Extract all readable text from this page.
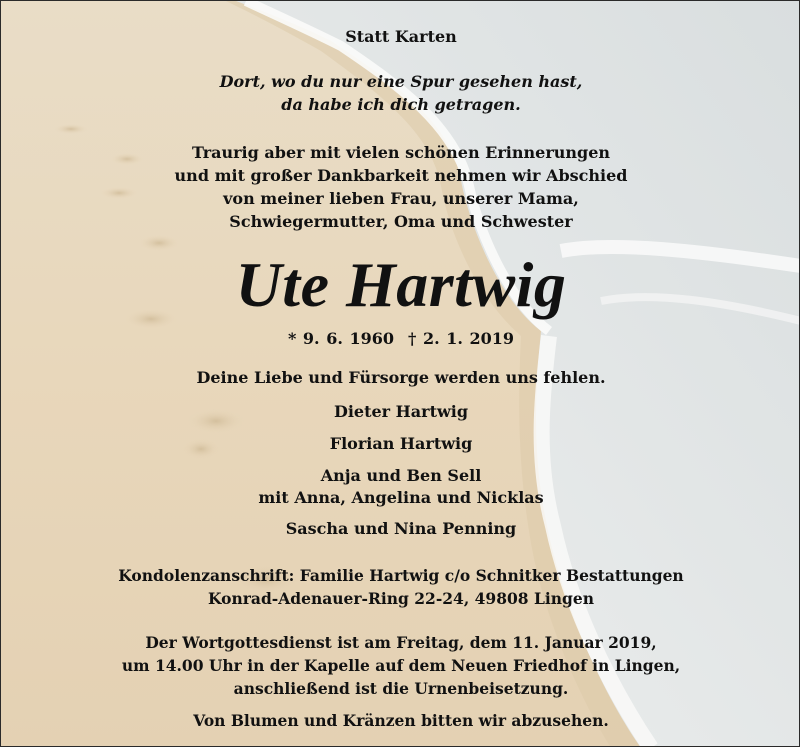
Statt Karten
Dort, wo du nur eine Spur gesehen hast,
da habe ich dich getragen.
Traurig aber mit vielen schönen Erinnerungen
und mit großer Dankbarkeit nehmen wir Abschied
von meiner lieben Frau, unserer Mama,
Schwiegermutter, Oma und Schwester
Ute Hartwig
* 9. 6. 1960 † 2. 1. 2019
Deine Liebe und Fürsorge werden uns fehlen.
Dieter Hartwig
Florian Hartwig
Anja und Ben Sell
mit Anna, Angelina und Nicklas
Sascha und Nina Penning
Kondolenzanschrift: Familie Hartwig c/o Schnitker Bestattungen
Konrad-Adenauer-Ring 22-24, 49808 Lingen
Der Wortgottesdienst ist am Freitag, dem 11. Januar 2019,
um 14.00 Uhr in der Kapelle auf dem Neuen Friedhof in Lingen,
anschließend ist die Urnenbeisetzung.
Von Blumen und Kränzen bitten wir abzusehen.
